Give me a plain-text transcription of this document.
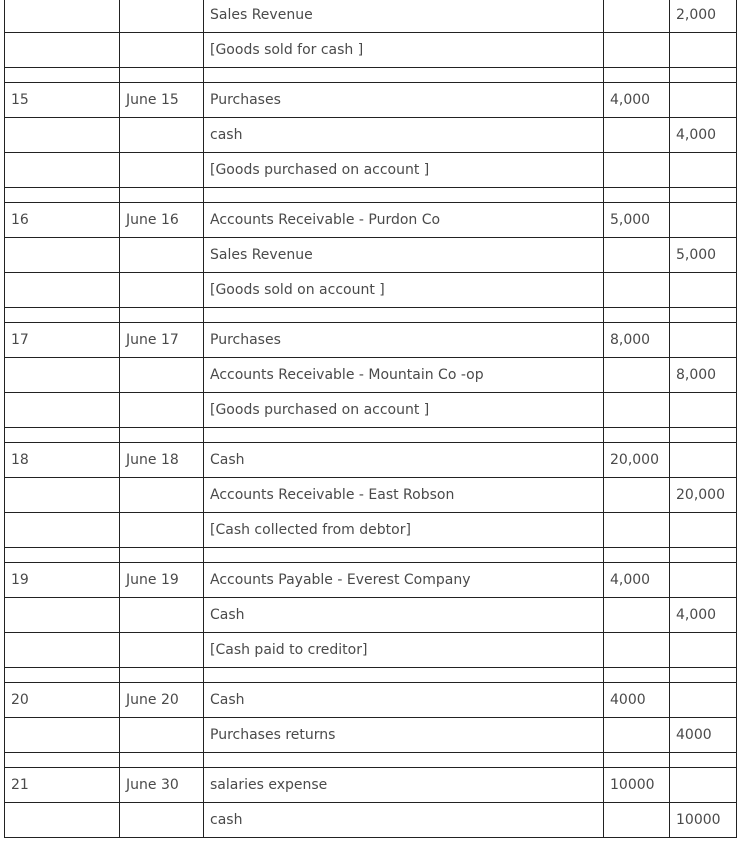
		Sales Revenue		2,000
		[Goods sold for cash ]		

15	June 15	Purchases	4,000	
		cash		4,000
		[Goods purchased on account ]		

16	June 16	Accounts Receivable - Purdon Co	5,000	
		Sales Revenue		5,000
		[Goods sold on account ]		

17	June 17	Purchases	8,000	
		Accounts Receivable - Mountain Co -op		8,000
		[Goods purchased on account ]		

18	June 18	Cash	20,000	
		Accounts Receivable - East Robson		20,000
		[Cash collected from debtor]		

19	June 19	Accounts Payable - Everest Company	4,000	
		Cash		4,000
		[Cash paid to creditor]		

20	June 20	Cash	4000	
		Purchases returns		4000

21	June 30	salaries expense	10000	
		cash		10000
